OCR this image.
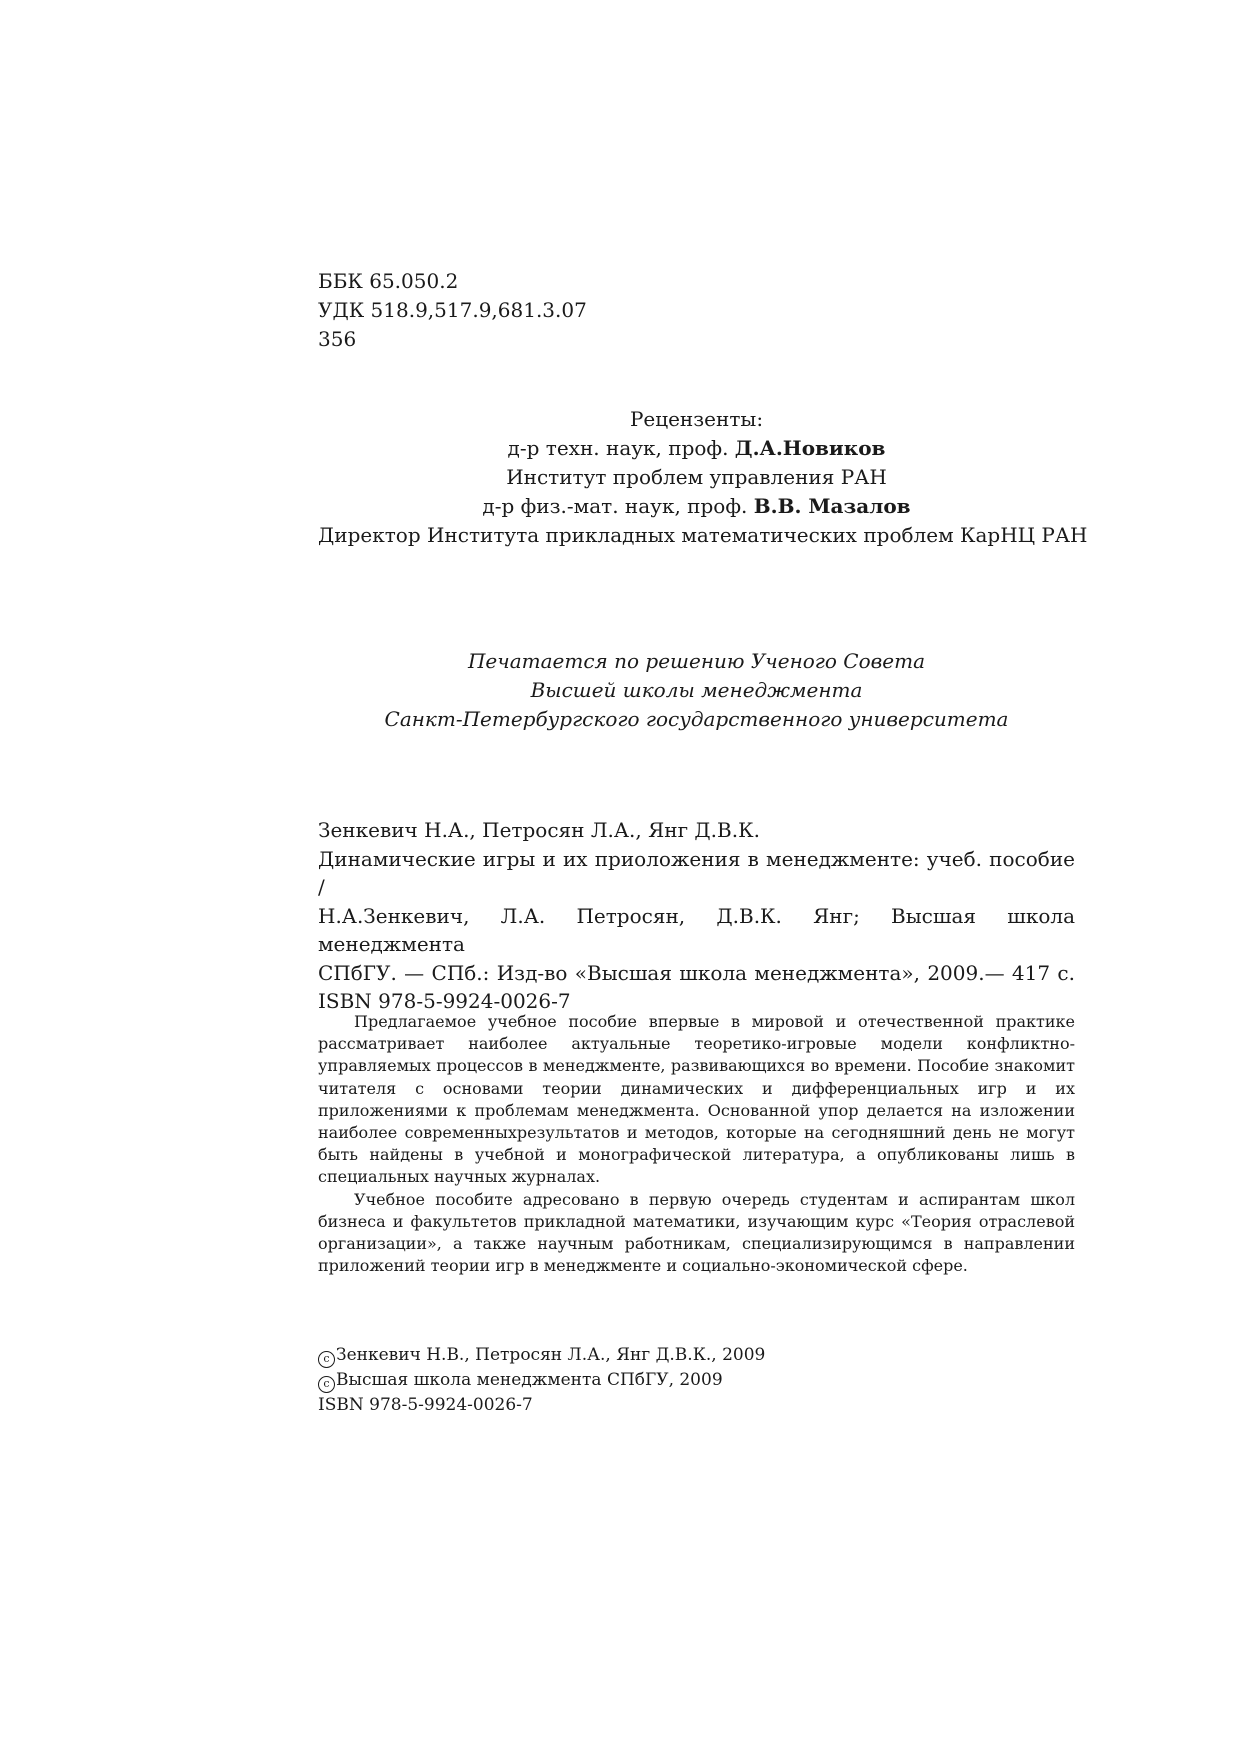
ББК 65.050.2
УДК 518.9,517.9,681.3.07
356
Рецензенты:
д-р техн. наук, проф. Д.А.Новиков
Институт проблем управления РАН
д-р физ.-мат. наук, проф. В.В. Мазалов
Директор Института прикладных математических проблем КарНЦ РАН
Печатается по решению Ученого Совета
Высшей школы менеджмента
Санкт-Петербургского государственного университета
Зенкевич Н.А., Петросян Л.А., Янг Д.В.К.
Динамические игры и их приоложения в менеджменте: учеб. пособие /
Н.А.Зенкевич, Л.А. Петросян, Д.В.К. Янг; Высшая школа менеджмента
СПбГУ. — СПб.: Изд-во «Высшая школа менеджмента», 2009.— 417 с.
ISBN 978-5-9924-0026-7

Предлагаемое учебное пособие впервые в мировой и отечественной практике рассматривает наиболее актуальные теоретико-игровые модели конфликтно-управляемых процессов в менеджменте, развивающихся во времени. Пособие знакомит читателя с основами теории динамических и дифференциальных игр и их приложениями к проблемам менеджмента. Основанной упор делается на изложении наиболее современныхрезультатов и методов, которые на сегодняшний день не могут быть найдены в учебной и монографической литература, а опубликованы лишь в специальных научных журналах.

Учебное пособите адресовано в первую очередь студентам и аспирантам школ бизнеса и факультетов прикладной математики, изучающим курс «Теория отраслевой организации», а также научным работникам, специализирующимся в направлении приложений теории игр в менеджменте и социально-экономической сфере.

c Зенкевич Н.В., Петросян Л.А., Янг Д.В.К., 2009
c Высшая школа менеджмента СПбГУ, 2009
ISBN 978-5-9924-0026-7
